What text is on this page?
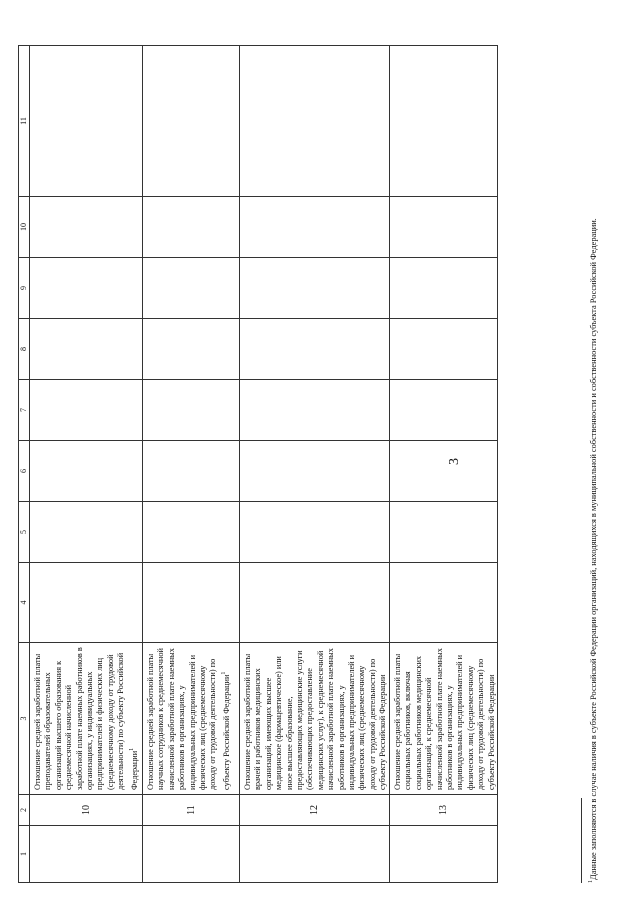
3
1	2	3	4	5	6	7	8	9	10	11
	10	Отношение средней заработной платы преподавателей образовательных организаций высшего образования к среднемесячной начисленной заработной плате наемных работников в организациях, у индивидуальных предпринимателей и физических лиц (среднемесячному доходу от трудовой деятельности) по субъекту Российской Федерации$^1$								
	11	Отношение средней заработной платы научных сотрудников к среднемесячной начисленной заработной плате наемных работников в организациях, у индивидуальных предпринимателей и физических лиц (среднемесячному доходу от трудовой деятельности) по субъекту Российской Федерации$^1$								
	12	Отношение средней заработной платы врачей и работников медицинских организаций, имеющих высшее медицинское (фармацевтическое) или иное высшее образование, предоставляющих медицинские услуги (обеспечивающих предоставление медицинских услуг), к среднемесячной начисленной заработной плате наемных работников в организациях, у индивидуальных предпринимателей и физических лиц (среднемесячному доходу от трудовой деятельности) по субъекту Российской Федерации								
	13	Отношение средней заработной платы социальных работников, включая социальных работников медицинских организаций, к среднемесячной начисленной заработной плате наемных работников в организациях, у индивидуальных предпринимателей и физических лиц (среднемесячному доходу от трудовой деятельности) по субъекту Российской Федерации								
$^1$Данные заполняются в случае наличия в субъекте Российской Федерации организаций, находящихся в муниципальной собственности и собственности субъекта Российской Федерации.
